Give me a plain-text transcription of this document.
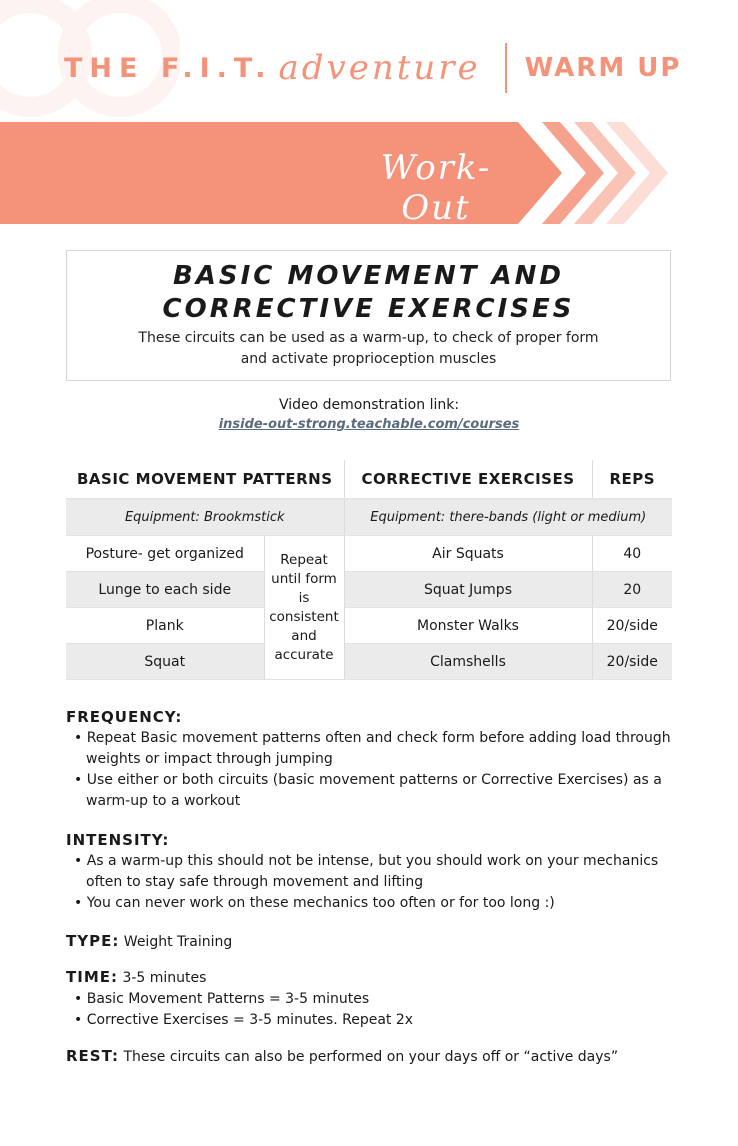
THE F.I.T. adventure WARM UP
Work-Out
BASIC MOVEMENT AND
CORRECTIVE EXERCISES
These circuits can be used as a warm-up, to check of proper form and activate proprioception muscles
Video demonstration link:
inside-out-strong.teachable.com/courses
BASIC MOVEMENT PATTERNS		CORRECTIVE EXERCISES	REPS
Equipment: Brookmstick		Equipment: there-bands (light or medium)	
Posture- get organized	Repeat until form is consistent and accurate	Air Squats	40
Lunge to each side		Squat Jumps	20
Plank		Monster Walks	20/side
Squat		Clamshells	20/side
FREQUENCY:
• Repeat Basic movement patterns often and check form before adding load through weights or impact through jumping
• Use either or both circuits (basic movement patterns or Corrective Exercises) as a warm-up to a workout
INTENSITY:
• As a warm-up this should not be intense, but you should work on your mechanics often to stay safe through movement and lifting
• You can never work on these mechanics too often or for too long :)
TYPE: Weight Training
TIME: 3-5 minutes
• Basic Movement Patterns = 3-5 minutes
• Corrective Exercises = 3-5 minutes. Repeat 2x
REST: These circuits can also be performed on your days off or “active days”
